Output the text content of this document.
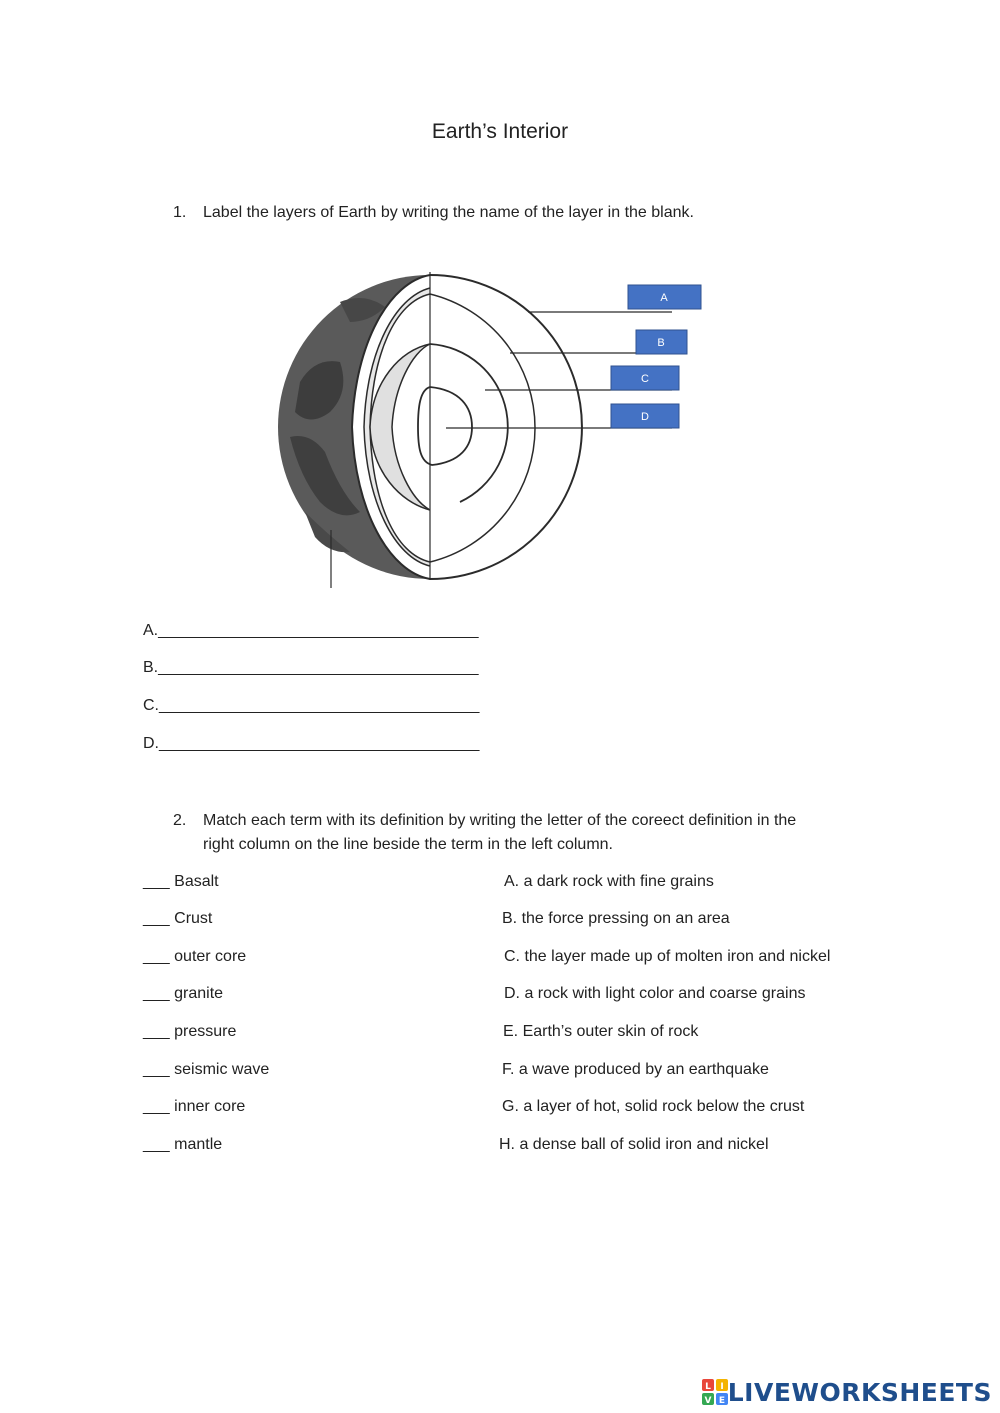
Earth’s Interior
1. Label the layers of Earth by writing the name of the layer in the blank.
A
B
C
D
A.____________________________________
B.____________________________________
C.____________________________________
D.____________________________________
2. Match each term with its definition by writing the letter of the coreect definition in the
right column on the line beside the term in the left column.
___ Basalt
___ Crust
___ outer core
___ granite
___ pressure
___ seismic wave
___ inner core
___ mantle
A. a dark rock with fine grains
B. the force pressing on an area
C. the layer made up of molten iron and nickel
D. a rock with light color and coarse grains
E. Earth’s outer skin of rock
F. a wave produced by an earthquake
G. a layer of hot, solid rock below the crust
H. a dense ball of solid iron and nickel
L I
V E LIVEWORKSHEETS
